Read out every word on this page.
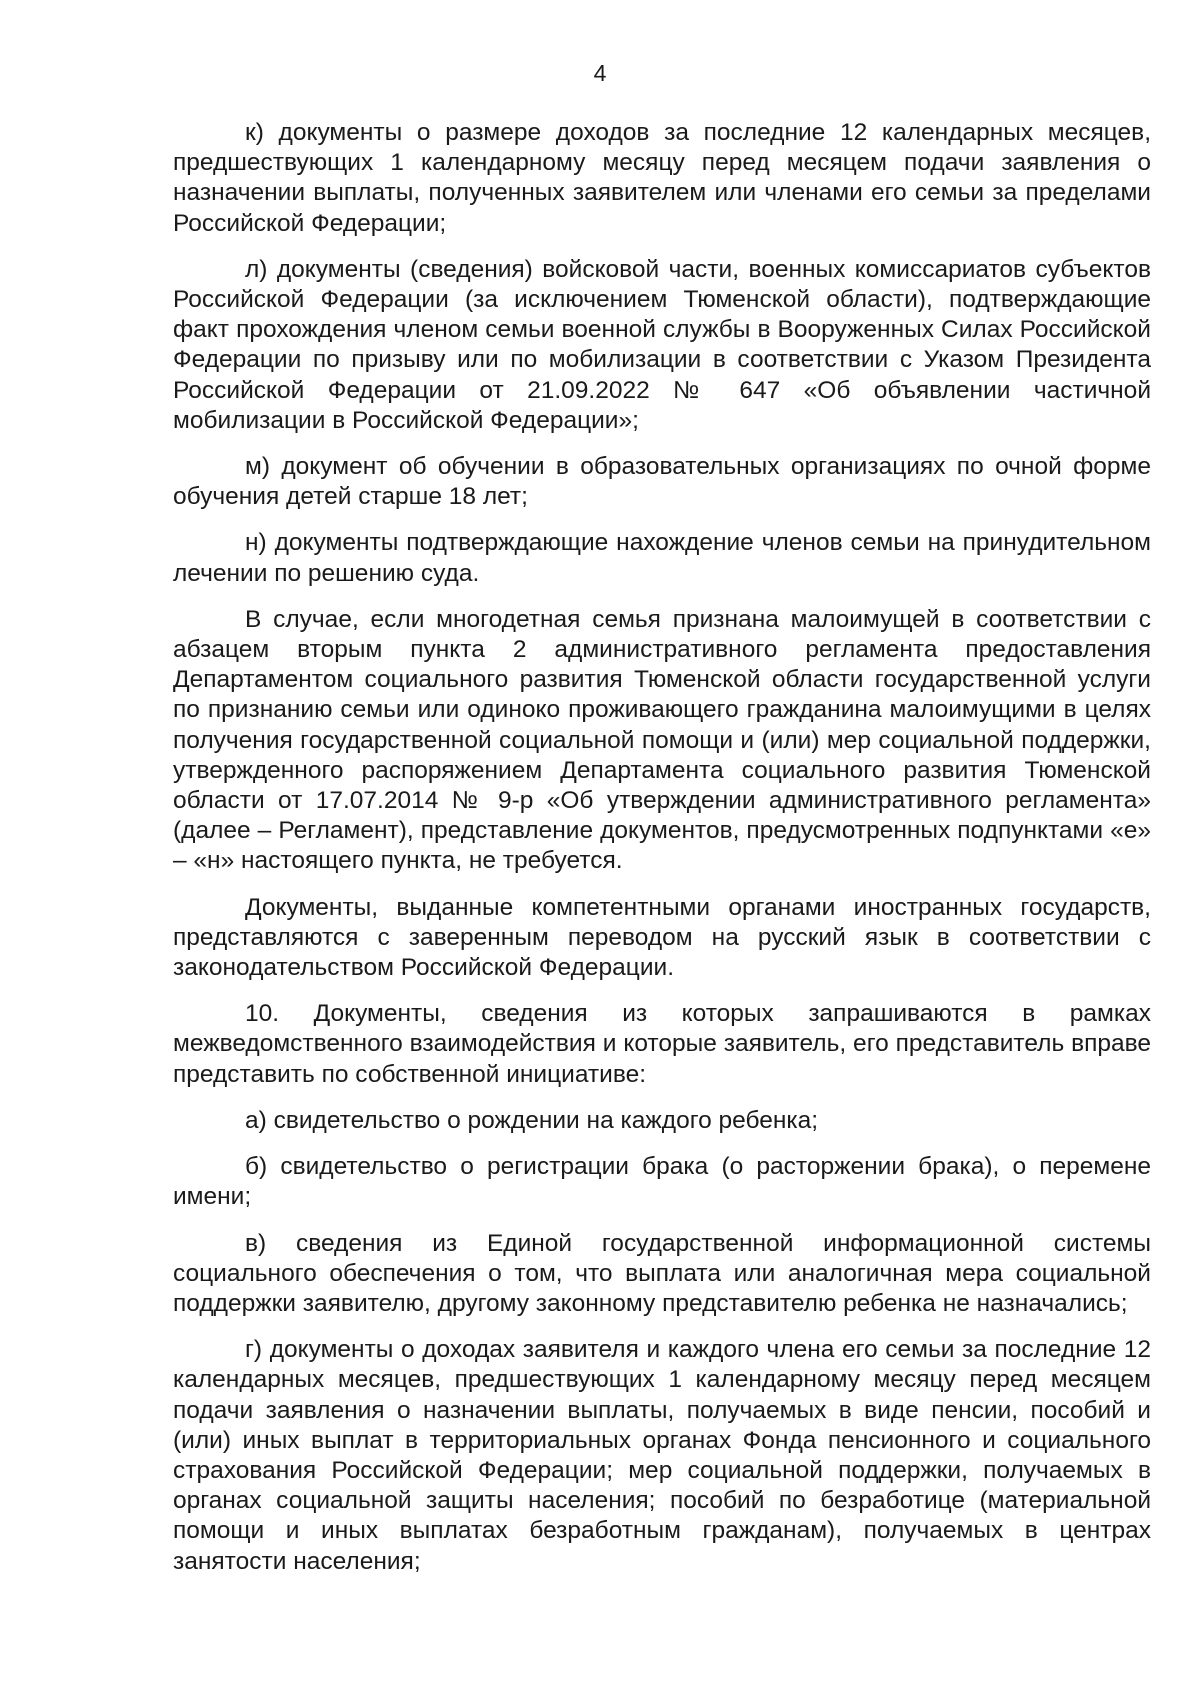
4

к) документы о размере доходов за последние 12 календарных месяцев, предшествующих 1 календарному месяцу перед месяцем подачи заявления о назначении выплаты, полученных заявителем или членами его семьи за пределами Российской Федерации;

л) документы (сведения) войсковой части, военных комиссариатов субъектов Российской Федерации (за исключением Тюменской области), подтверждающие факт прохождения членом семьи военной службы в Вооруженных Силах Российской Федерации по призыву или по мобилизации в соответствии с Указом Президента Российской Федерации от 21.09.2022 № 647 «Об объявлении частичной мобилизации в Российской Федерации»;

м) документ об обучении в образовательных организациях по очной форме обучения детей старше 18 лет;

н) документы подтверждающие нахождение членов семьи на принудительном лечении по решению суда.

В случае, если многодетная семья признана малоимущей в соответствии с абзацем вторым пункта 2 административного регламента предоставления Департаментом социального развития Тюменской области государственной услуги по признанию семьи или одиноко проживающего гражданина малоимущими в целях получения государственной социальной помощи и (или) мер социальной поддержки, утвержденного распоряжением Департамента социального развития Тюменской области от 17.07.2014 № 9-р «Об утверждении административного регламента» (далее – Регламент), представление документов, предусмотренных подпунктами «е» – «н» настоящего пункта, не требуется.

Документы, выданные компетентными органами иностранных государств, представляются с заверенным переводом на русский язык в соответствии с законодательством Российской Федерации.

10. Документы, сведения из которых запрашиваются в рамках межведомственного взаимодействия и которые заявитель, его представитель вправе представить по собственной инициативе:

а) свидетельство о рождении на каждого ребенка;

б) свидетельство о регистрации брака (о расторжении брака), о перемене имени;

в) сведения из Единой государственной информационной системы социального обеспечения о том, что выплата или аналогичная мера социальной поддержки заявителю, другому законному представителю ребенка не назначались;

г) документы о доходах заявителя и каждого члена его семьи за последние 12 календарных месяцев, предшествующих 1 календарному месяцу перед месяцем подачи заявления о назначении выплаты, получаемых в виде пенсии, пособий и (или) иных выплат в территориальных органах Фонда пенсионного и социального страхования Российской Федерации; мер социальной поддержки, получаемых в органах социальной защиты населения; пособий по безработице (материальной помощи и иных выплатах безработным гражданам), получаемых в центрах занятости населения;
